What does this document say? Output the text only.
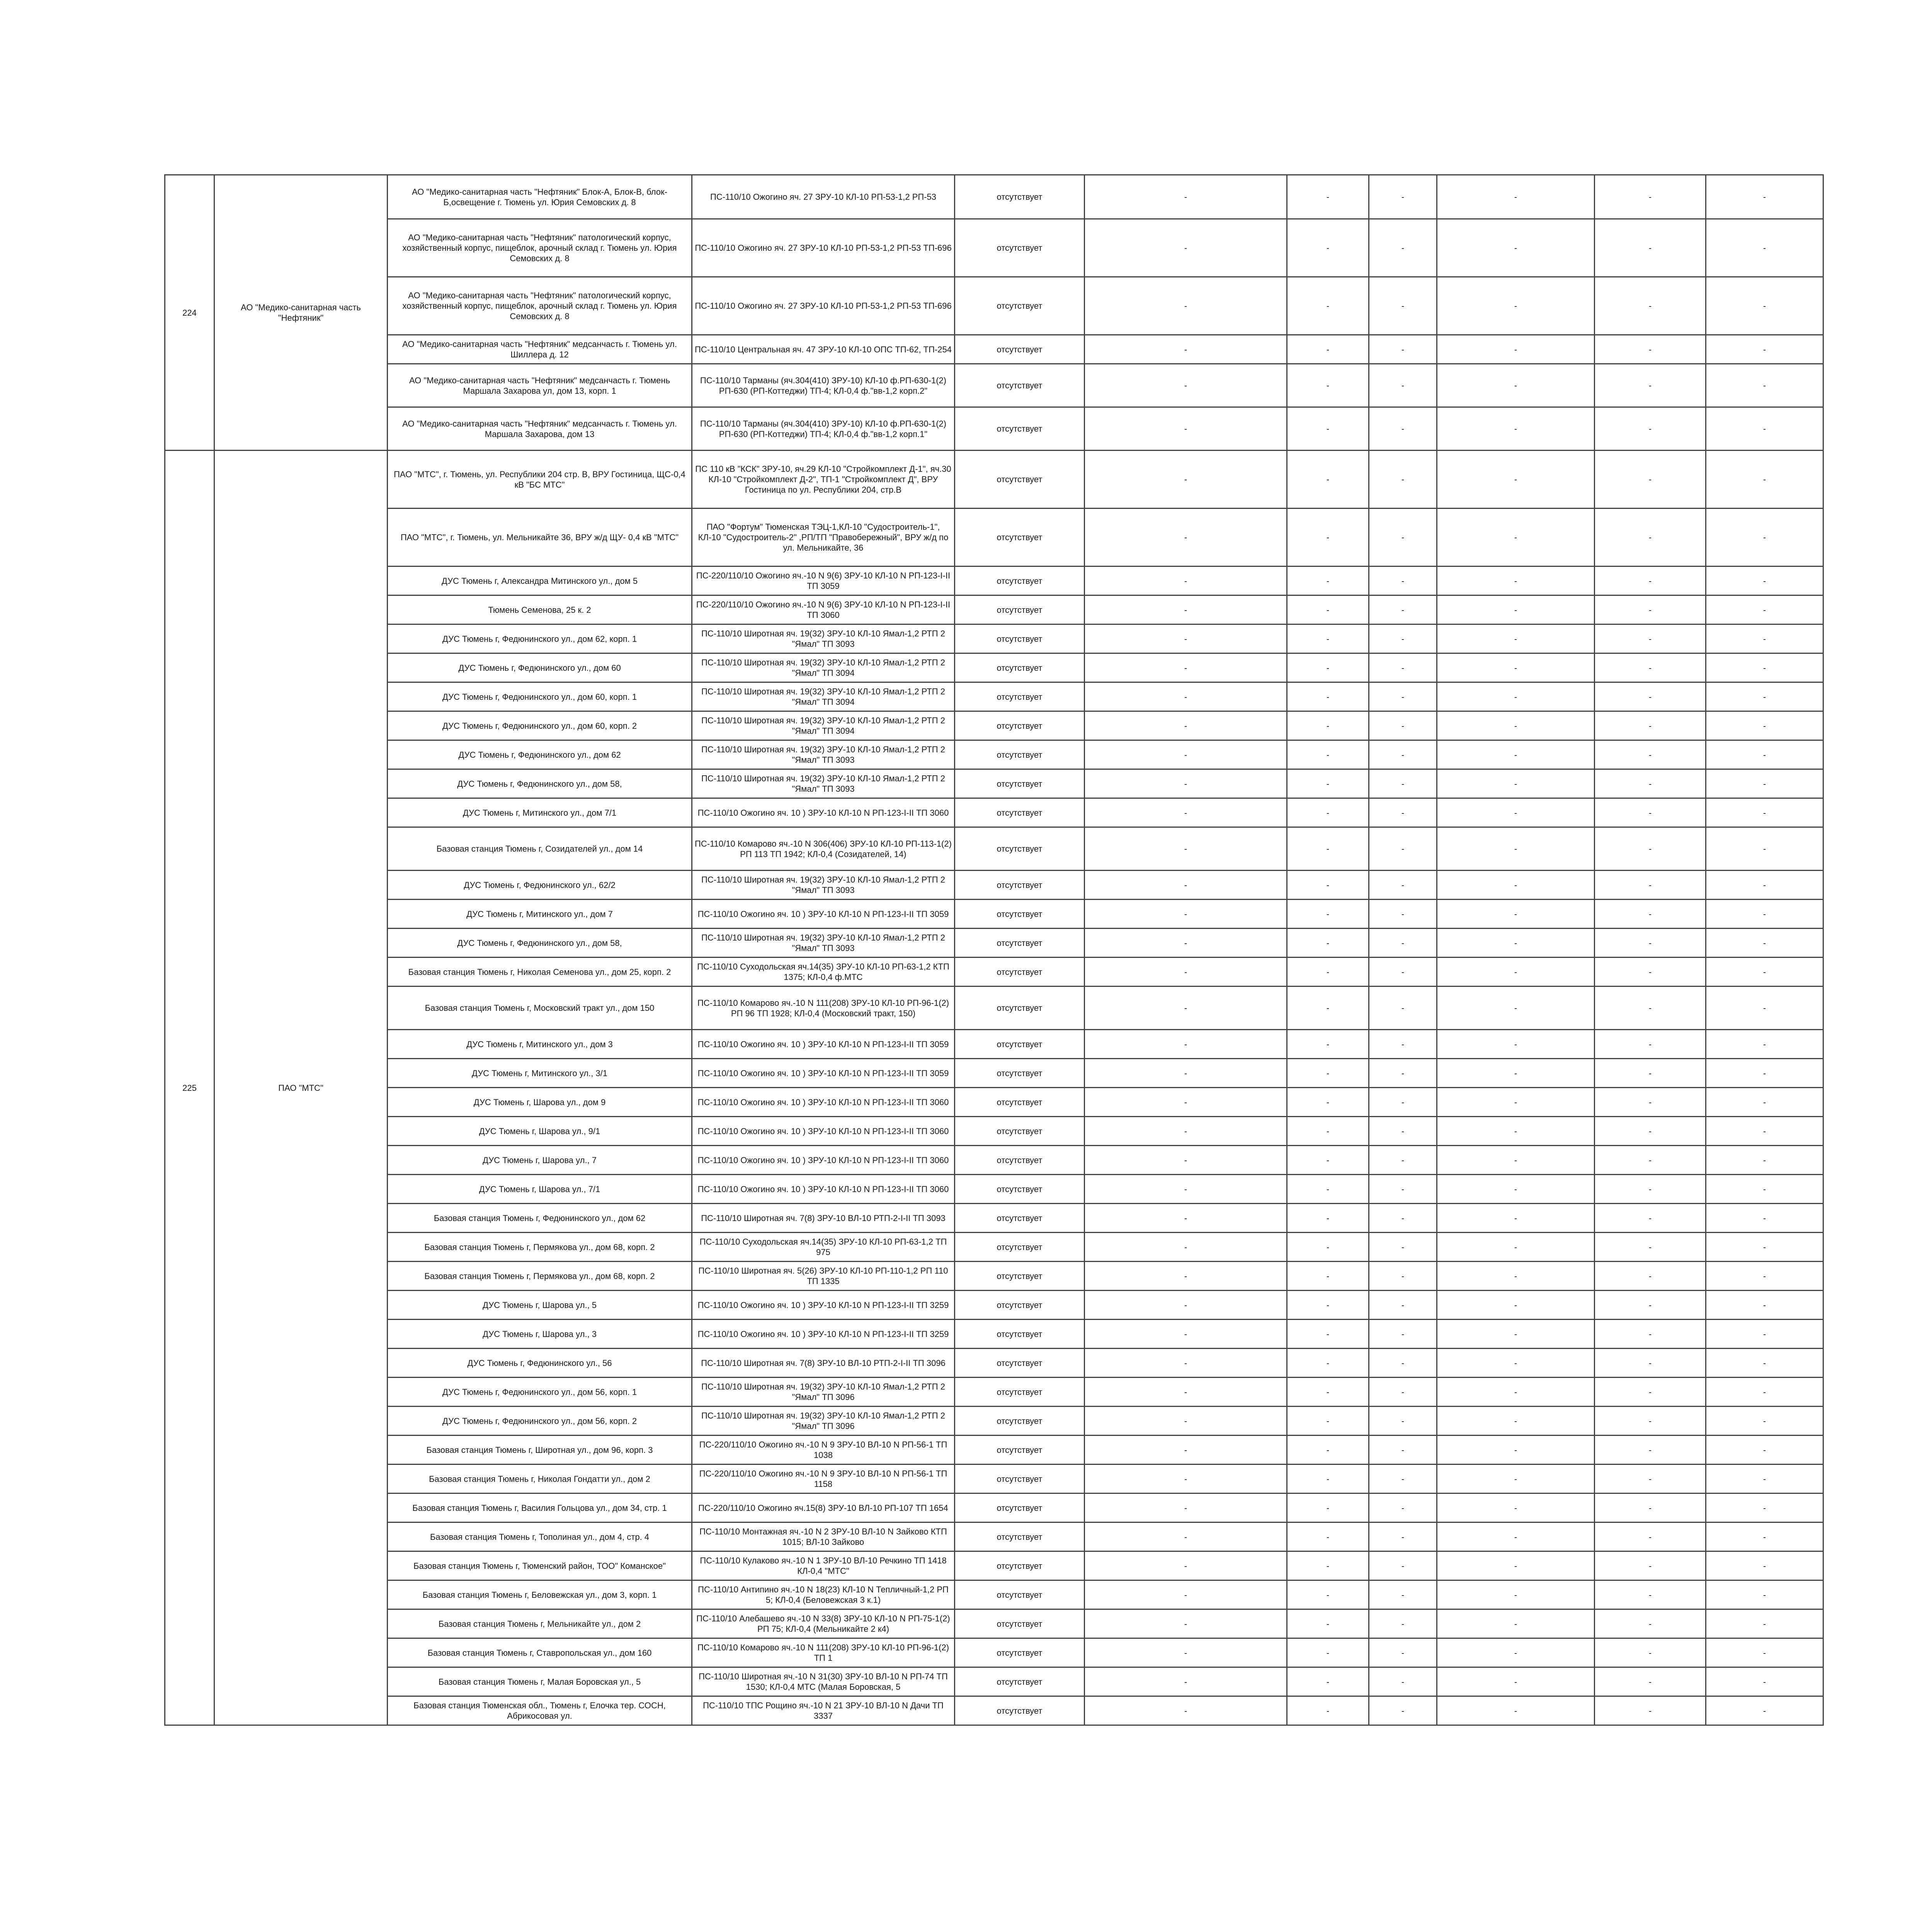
224	АО "Медико-санитарная часть "Нефтяник"	АО "Медико-санитарная часть "Нефтяник" Блок-А, Блок-В, блок-Б,освещение г. Тюмень ул. Юрия Семовских д. 8	ПС-110/10 Ожогино яч. 27 ЗРУ-10 КЛ-10 РП-53-1,2 РП-53	отсутствует	-	-	-	-	-	-
		АО "Медико-санитарная часть "Нефтяник" патологический корпус, хозяйственный корпус, пищеблок, арочный склад г. Тюмень ул. Юрия Семовских д. 8	ПС-110/10 Ожогино яч. 27 ЗРУ-10 КЛ-10 РП-53-1,2 РП-53 ТП-696	отсутствует	-	-	-	-	-	-
		АО "Медико-санитарная часть "Нефтяник" патологический корпус, хозяйственный корпус, пищеблок, арочный склад г. Тюмень ул. Юрия Семовских д. 8	ПС-110/10 Ожогино яч. 27 ЗРУ-10 КЛ-10 РП-53-1,2 РП-53 ТП-696	отсутствует	-	-	-	-	-	-
		АО "Медико-санитарная часть "Нефтяник" медсанчасть г. Тюмень ул. Шиллера д. 12	ПС-110/10 Центральная яч. 47 ЗРУ-10 КЛ-10 ОПС ТП-62, ТП-254	отсутствует	-	-	-	-	-	-
		АО "Медико-санитарная часть "Нефтяник" медсанчасть г. Тюмень Маршала Захарова ул, дом 13, корп. 1	ПС-110/10 Тарманы (яч.304(410) ЗРУ-10) КЛ-10 ф.РП-630-1(2) РП-630 (РП-Коттеджи) ТП-4; КЛ-0,4 ф."вв-1,2 корп.2"	отсутствует	-	-	-	-	-	-
		АО "Медико-санитарная часть "Нефтяник" медсанчасть г. Тюмень ул. Маршала Захарова, дом 13	ПС-110/10 Тарманы (яч.304(410) ЗРУ-10) КЛ-10 ф.РП-630-1(2) РП-630 (РП-Коттеджи) ТП-4; КЛ-0,4 ф."вв-1,2 корп.1"	отсутствует	-	-	-	-	-	-
225	ПАО "МТС"	ПАО "МТС", г. Тюмень, ул. Республики 204 стр. В, ВРУ Гостиница, ЩС-0,4 кВ "БС МТС"	ПС 110 кВ "КСК" ЗРУ-10, яч.29 КЛ-10 "Стройкомплект Д-1", яч.30 КЛ-10 "Стройкомплект Д-2", ТП-1 "Стройкомплект Д", ВРУ Гостиница по ул. Республики 204, стр.В	отсутствует	-	-	-	-	-	-
		ПАО "МТС", г. Тюмень, ул. Мельникайте 36, ВРУ ж/д ЩУ- 0,4 кВ "МТС"	ПАО "Фортум" Тюменская ТЭЦ-1,КЛ-10 "Судостроитель-1", КЛ-10 "Судостроитель-2" ,РП/ТП "Правобережный", ВРУ ж/д по ул. Мельникайте, 36	отсутствует	-	-	-	-	-	-
		ДУС Тюмень г, Александра Митинского ул., дом 5	ПС-220/110/10 Ожогино яч.-10 N 9(6) ЗРУ-10 КЛ-10 N РП-123-I-II ТП 3059	отсутствует	-	-	-	-	-	-
		Тюмень Семенова, 25 к. 2	ПС-220/110/10 Ожогино яч.-10 N 9(6) ЗРУ-10 КЛ-10 N РП-123-I-II ТП 3060	отсутствует	-	-	-	-	-	-
		ДУС Тюмень г, Федюнинского ул., дом 62, корп. 1	ПС-110/10 Широтная яч. 19(32) ЗРУ-10 КЛ-10 Ямал-1,2 РТП 2 "Ямал" ТП 3093	отсутствует	-	-	-	-	-	-
		ДУС Тюмень г, Федюнинского ул., дом 60	ПС-110/10 Широтная яч. 19(32) ЗРУ-10 КЛ-10 Ямал-1,2 РТП 2 "Ямал" ТП 3094	отсутствует	-	-	-	-	-	-
		ДУС Тюмень г, Федюнинского ул., дом 60, корп. 1	ПС-110/10 Широтная яч. 19(32) ЗРУ-10 КЛ-10 Ямал-1,2 РТП 2 "Ямал" ТП 3094	отсутствует	-	-	-	-	-	-
		ДУС Тюмень г, Федюнинского ул., дом 60, корп. 2	ПС-110/10 Широтная яч. 19(32) ЗРУ-10 КЛ-10 Ямал-1,2 РТП 2 "Ямал" ТП 3094	отсутствует	-	-	-	-	-	-
		ДУС Тюмень г, Федюнинского ул., дом 62	ПС-110/10 Широтная яч. 19(32) ЗРУ-10 КЛ-10 Ямал-1,2 РТП 2 "Ямал" ТП 3093	отсутствует	-	-	-	-	-	-
		ДУС Тюмень г, Федюнинского ул., дом 58,	ПС-110/10 Широтная яч. 19(32) ЗРУ-10 КЛ-10 Ямал-1,2 РТП 2 "Ямал" ТП 3093	отсутствует	-	-	-	-	-	-
		ДУС Тюмень г, Митинского ул., дом 7/1	ПС-110/10 Ожогино яч. 10 ) ЗРУ-10 КЛ-10 N РП-123-I-II ТП 3060	отсутствует	-	-	-	-	-	-
		Базовая станция Тюмень г, Созидателей ул., дом 14	ПС-110/10 Комарово яч.-10 N 306(406) ЗРУ-10 КЛ-10 РП-113-1(2) РП 113 ТП 1942; КЛ-0,4 (Созидателей, 14)	отсутствует	-	-	-	-	-	-
		ДУС Тюмень г, Федюнинского ул., 62/2	ПС-110/10 Широтная яч. 19(32) ЗРУ-10 КЛ-10 Ямал-1,2 РТП 2 "Ямал" ТП 3093	отсутствует	-	-	-	-	-	-
		ДУС Тюмень г, Митинского ул., дом 7	ПС-110/10 Ожогино яч. 10 ) ЗРУ-10 КЛ-10 N РП-123-I-II ТП 3059	отсутствует	-	-	-	-	-	-
		ДУС Тюмень г, Федюнинского ул., дом 58,	ПС-110/10 Широтная яч. 19(32) ЗРУ-10 КЛ-10 Ямал-1,2 РТП 2 "Ямал" ТП 3093	отсутствует	-	-	-	-	-	-
		Базовая станция Тюмень г, Николая Семенова ул., дом 25, корп. 2	ПС-110/10 Суходольская яч.14(35) ЗРУ-10 КЛ-10 РП-63-1,2 КТП 1375; КЛ-0,4 ф.МТС	отсутствует	-	-	-	-	-	-
		Базовая станция Тюмень г, Московский тракт ул., дом 150	ПС-110/10 Комарово яч.-10 N 111(208) ЗРУ-10 КЛ-10 РП-96-1(2) РП 96 ТП 1928; КЛ-0,4 (Московский тракт, 150)	отсутствует	-	-	-	-	-	-
		ДУС Тюмень г, Митинского ул., дом 3	ПС-110/10 Ожогино яч. 10 ) ЗРУ-10 КЛ-10 N РП-123-I-II ТП 3059	отсутствует	-	-	-	-	-	-
		ДУС Тюмень г, Митинского ул., 3/1	ПС-110/10 Ожогино яч. 10 ) ЗРУ-10 КЛ-10 N РП-123-I-II ТП 3059	отсутствует	-	-	-	-	-	-
		ДУС Тюмень г, Шарова ул., дом 9	ПС-110/10 Ожогино яч. 10 ) ЗРУ-10 КЛ-10 N РП-123-I-II ТП 3060	отсутствует	-	-	-	-	-	-
		ДУС Тюмень г, Шарова ул., 9/1	ПС-110/10 Ожогино яч. 10 ) ЗРУ-10 КЛ-10 N РП-123-I-II ТП 3060	отсутствует	-	-	-	-	-	-
		ДУС Тюмень г, Шарова ул., 7	ПС-110/10 Ожогино яч. 10 ) ЗРУ-10 КЛ-10 N РП-123-I-II ТП 3060	отсутствует	-	-	-	-	-	-
		ДУС Тюмень г, Шарова ул., 7/1	ПС-110/10 Ожогино яч. 10 ) ЗРУ-10 КЛ-10 N РП-123-I-II ТП 3060	отсутствует	-	-	-	-	-	-
		Базовая станция Тюмень г, Федюнинского ул., дом 62	ПС-110/10 Широтная яч. 7(8) ЗРУ-10 ВЛ-10 РТП-2-I-II ТП 3093	отсутствует	-	-	-	-	-	-
		Базовая станция Тюмень г, Пермякова ул., дом 68, корп. 2	ПС-110/10 Суходольская яч.14(35) ЗРУ-10 КЛ-10 РП-63-1,2 ТП 975	отсутствует	-	-	-	-	-	-
		Базовая станция Тюмень г, Пермякова ул., дом 68, корп. 2	ПС-110/10 Широтная яч. 5(26) ЗРУ-10 КЛ-10 РП-110-1,2 РП 110 ТП 1335	отсутствует	-	-	-	-	-	-
		ДУС Тюмень г, Шарова ул., 5	ПС-110/10 Ожогино яч. 10 ) ЗРУ-10 КЛ-10 N РП-123-I-II ТП 3259	отсутствует	-	-	-	-	-	-
		ДУС Тюмень г, Шарова ул., 3	ПС-110/10 Ожогино яч. 10 ) ЗРУ-10 КЛ-10 N РП-123-I-II ТП 3259	отсутствует	-	-	-	-	-	-
		ДУС Тюмень г, Федюнинского ул., 56	ПС-110/10 Широтная яч. 7(8) ЗРУ-10 ВЛ-10 РТП-2-I-II ТП 3096	отсутствует	-	-	-	-	-	-
		ДУС Тюмень г, Федюнинского ул., дом 56, корп. 1	ПС-110/10 Широтная яч. 19(32) ЗРУ-10 КЛ-10 Ямал-1,2 РТП 2 "Ямал" ТП 3096	отсутствует	-	-	-	-	-	-
		ДУС Тюмень г, Федюнинского ул., дом 56, корп. 2	ПС-110/10 Широтная яч. 19(32) ЗРУ-10 КЛ-10 Ямал-1,2 РТП 2 "Ямал" ТП 3096	отсутствует	-	-	-	-	-	-
		Базовая станция Тюмень г, Широтная ул., дом 96, корп. 3	ПС-220/110/10 Ожогино яч.-10 N 9 ЗРУ-10 ВЛ-10 N РП-56-1 ТП 1038	отсутствует	-	-	-	-	-	-
		Базовая станция Тюмень г, Николая Гондатти ул., дом 2	ПС-220/110/10 Ожогино яч.-10 N 9 ЗРУ-10 ВЛ-10 N РП-56-1 ТП 1158	отсутствует	-	-	-	-	-	-
		Базовая станция Тюмень г, Василия Гольцова ул., дом 34, стр. 1	ПС-220/110/10 Ожогино яч.15(8) ЗРУ-10 ВЛ-10 РП-107 ТП 1654	отсутствует	-	-	-	-	-	-
		Базовая станция Тюмень г, Тополиная ул., дом 4, стр. 4	ПС-110/10 Монтажная яч.-10 N 2 ЗРУ-10 ВЛ-10 N Зайково КТП 1015; ВЛ-10 Зайково	отсутствует	-	-	-	-	-	-
		Базовая станция Тюмень г, Тюменский район, ТОО" Команское"	ПС-110/10 Кулаково яч.-10 N 1 ЗРУ-10 ВЛ-10 Речкино ТП 1418 КЛ-0,4 "МТС"	отсутствует	-	-	-	-	-	-
		Базовая станция Тюмень г, Беловежская ул., дом 3, корп. 1	ПС-110/10 Антипино яч.-10 N 18(23) КЛ-10 N Тепличный-1,2 РП 5; КЛ-0,4 (Беловежская 3 к.1)	отсутствует	-	-	-	-	-	-
		Базовая станция Тюмень г, Мельникайте ул., дом 2	ПС-110/10 Алебашево яч.-10 N 33(8) ЗРУ-10 КЛ-10 N РП-75-1(2) РП 75; КЛ-0,4 (Мельникайте 2 к4)	отсутствует	-	-	-	-	-	-
		Базовая станция Тюмень г, Ставропольская ул., дом 160	ПС-110/10 Комарово яч.-10 N 111(208) ЗРУ-10 КЛ-10 РП-96-1(2) ТП 1	отсутствует	-	-	-	-	-	-
		Базовая станция Тюмень г, Малая Боровская ул., 5	ПС-110/10 Широтная яч.-10 N 31(30) ЗРУ-10 ВЛ-10 N РП-74 ТП 1530; КЛ-0,4 МТС (Малая Боровская, 5	отсутствует	-	-	-	-	-	-
		Базовая станция Тюменская обл., Тюмень г, Елочка тер. СОСН, Абрикосовая ул.	ПС-110/10 ТПС Рощино яч.-10 N 21 ЗРУ-10 ВЛ-10 N Дачи ТП 3337	отсутствует	-	-	-	-	-	-
